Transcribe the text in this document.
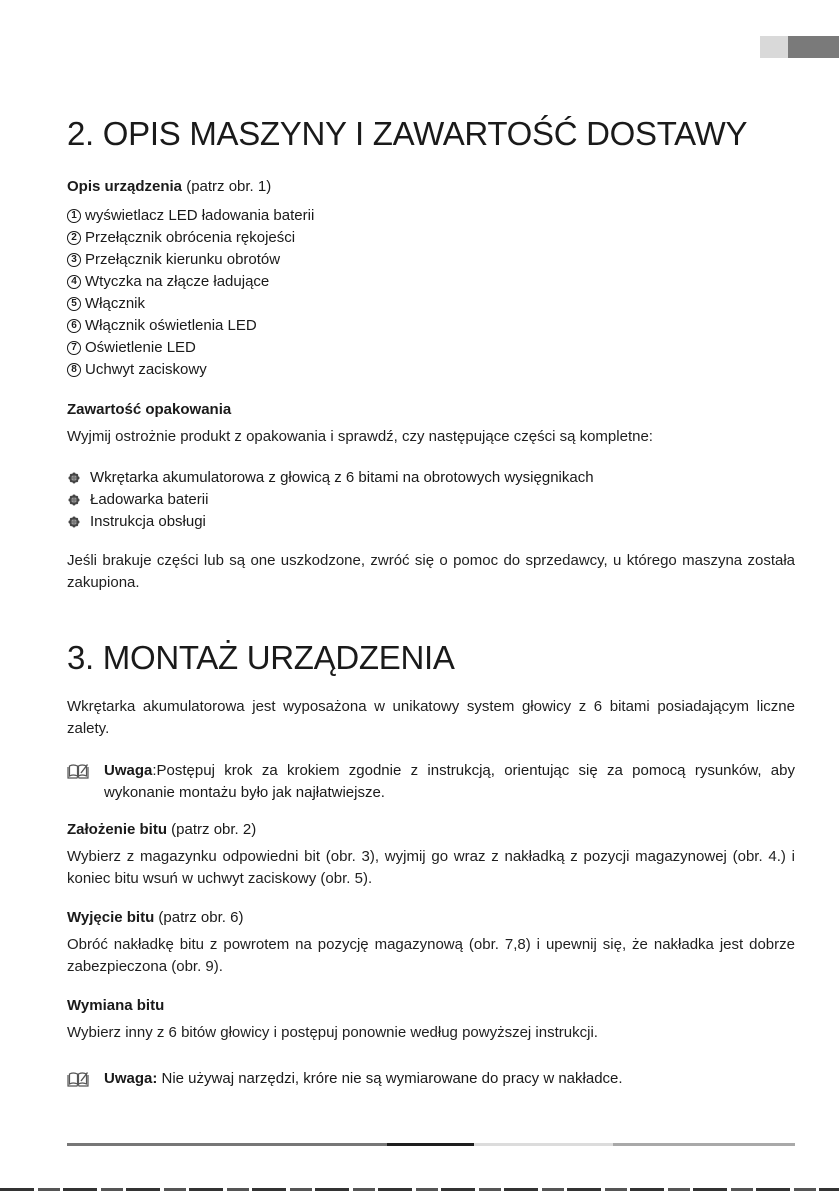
2. OPIS MASZYNY I ZAWARTOŚĆ DOSTAWY
Opis urządzenia (patrz obr. 1)
1 wyświetlacz LED ładowania baterii
2 Przełącznik obrócenia rękojeści
3 Przełącznik kierunku obrotów
4 Wtyczka na złącze ładujące
5 Włącznik
6 Włącznik oświetlenia LED
7 Oświetlenie LED
8 Uchwyt zaciskowy
Zawartość opakowania
Wyjmij ostrożnie produkt z opakowania i sprawdź, czy następujące części są kompletne:
Wkrętarka akumulatorowa z głowicą z 6 bitami na obrotowych wysięgnikach
Ładowarka baterii
Instrukcja obsługi
Jeśli brakuje części lub są one uszkodzone, zwróć się o pomoc do sprzedawcy, u którego maszyna została zakupiona.
3. MONTAŻ URZĄDZENIA
Wkrętarka akumulatorowa jest wyposażona w unikatowy system głowicy z 6 bitami posiadającym liczne zalety.
Uwaga:Postępuj krok za krokiem zgodnie z instrukcją, orientując się za pomocą rysunków, aby wykonanie montażu było jak najłatwiejsze.
Założenie bitu (patrz obr. 2)
Wybierz z magazynku odpowiedni bit (obr. 3), wyjmij go wraz z nakładką z pozycji magazynowej (obr. 4.) i koniec bitu wsuń w uchwyt zaciskowy (obr. 5).
Wyjęcie bitu (patrz obr. 6)
Obróć nakładkę bitu z powrotem na pozycję magazynową (obr. 7,8) i upewnij się, że nakładka jest dobrze zabezpieczona (obr. 9).
Wymiana bitu
Wybierz inny z 6 bitów głowicy i postępuj ponownie według powyższej instrukcji.
Uwaga: Nie używaj narzędzi, króre nie są wymiarowane do pracy w nakładce.
